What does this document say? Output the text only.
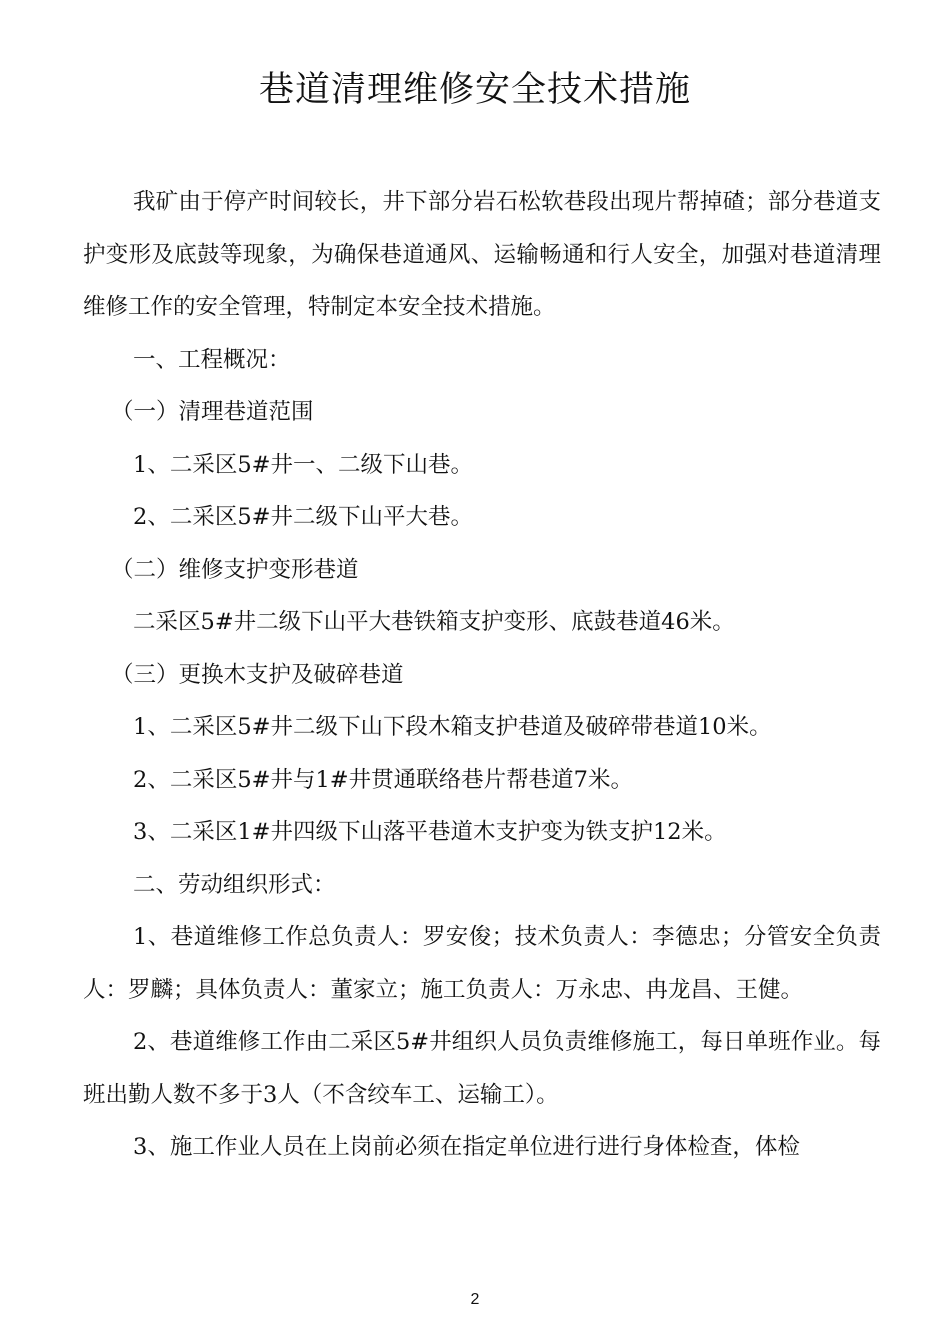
巷道清理维修安全技术措施

我矿由于停产时间较长，井下部分岩石松软巷段出现片帮掉碴；部分巷道支护变形及底鼓等现象，为确保巷道通风、运输畅通和行人安全，加强对巷道清理维修工作的安全管理，特制定本安全技术措施。

一、工程概况：

（一）清理巷道范围

1、二采区5#井一、二级下山巷。

2、二采区5#井二级下山平大巷。

（二）维修支护变形巷道

二采区5#井二级下山平大巷铁箱支护变形、底鼓巷道46米。

（三）更换木支护及破碎巷道

1、二采区5#井二级下山下段木箱支护巷道及破碎带巷道10米。

2、二采区5#井与1#井贯通联络巷片帮巷道7米。

3、二采区1#井四级下山落平巷道木支护变为铁支护12米。

二、劳动组织形式：

1、巷道维修工作总负责人：罗安俊；技术负责人：李德忠；分管安全负责人：罗麟；具体负责人：董家立；施工负责人：万永忠、冉龙昌、王健。

2、巷道维修工作由二采区5#井组织人员负责维修施工，每日单班作业。每班出勤人数不多于3人（不含绞车工、运输工）。

3、施工作业人员在上岗前必须在指定单位进行进行身体检查，体检

2
